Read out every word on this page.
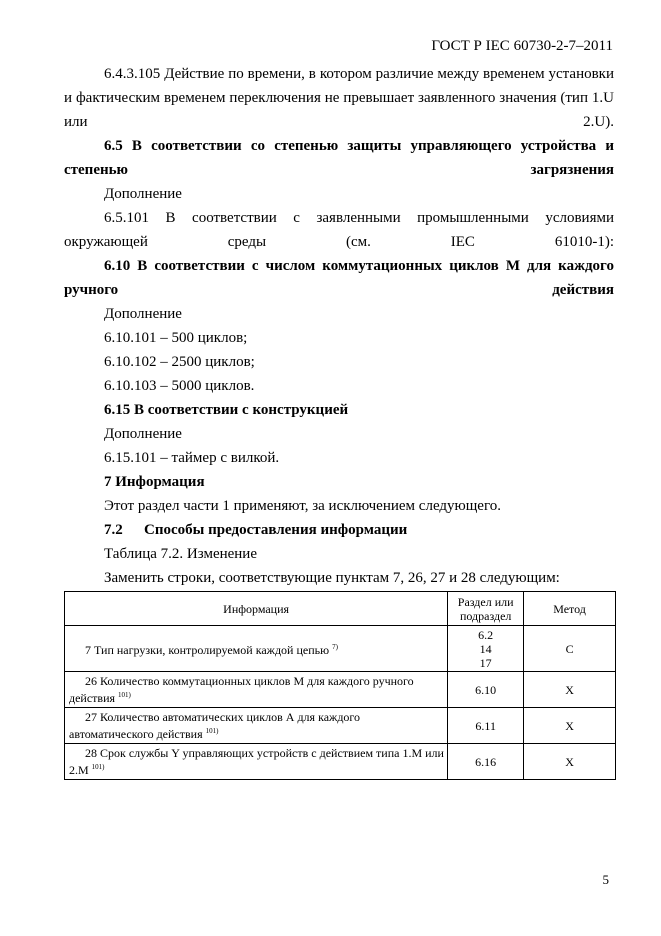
ГОСТ Р IEC 60730-2-7–2011

6.4.3.105 Действие по времени, в котором различие между временем установки и фактическим временем переключения не превышает заявленного значения (тип 1.U или 2.U).

6.5 В соответствии со степенью защиты управляющего устройства и степенью загрязнения

Дополнение

6.5.101 В соответствии с заявленными промышленными условиями окружающей среды (см. IEC 61010-1):

6.10 В соответствии с числом коммутационных циклов М для каждого ручного действия

Дополнение

6.10.101 – 500 циклов;

6.10.102 – 2500 циклов;

6.10.103 – 5000 циклов.

6.15 В соответствии с конструкцией

Дополнение

6.15.101 – таймер с вилкой.

7 Информация

Этот раздел части 1 применяют, за исключением следующего.

7.2 Способы предоставления информации

Таблица 7.2. Изменение

Заменить строки, соответствующие пунктам 7, 26, 27 и 28 следующим:

Информация	Раздел или подраздел	Метод

7 Тип нагрузки, контролируемой каждой цепью $^{7)}$	6.2
14
17	C

26 Количество коммутационных циклов М для каждого ручного действия $^{101)}$	6.10	X

27 Количество автоматических циклов А для каждого автоматического действия $^{101)}$	6.11	X

28 Срок службы Y управляющих устройств с действием типа 1.M или 2.M $^{101)}$	6.16	X
5
